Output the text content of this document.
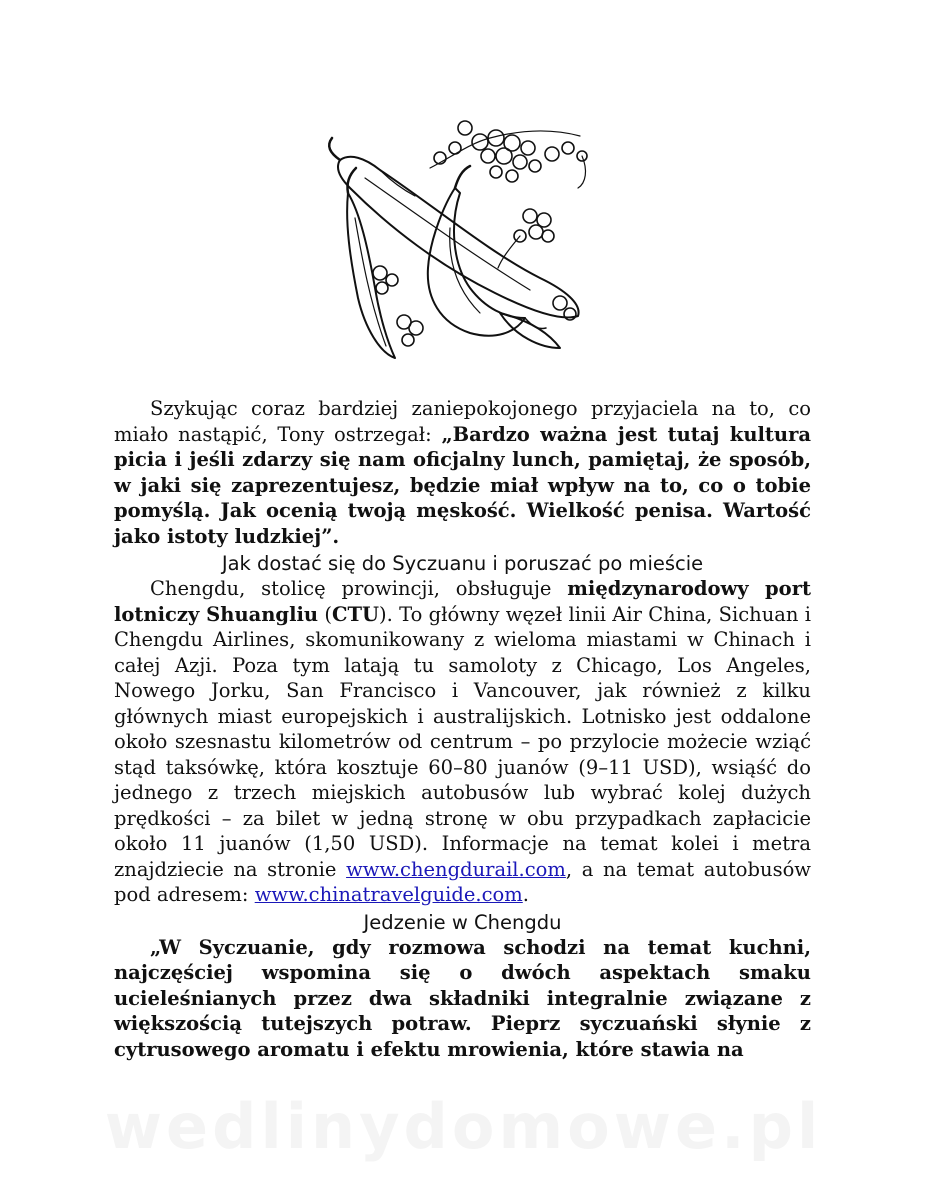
Szykując coraz bardziej zaniepokojonego przyjaciela na to, co miało nastąpić, Tony ostrzegał: „Bardzo ważna jest tutaj kultura picia i jeśli zdarzy się nam oficjalny lunch, pamiętaj, że sposób, w jaki się zaprezentujesz, będzie miał wpływ na to, co o tobie pomyślą. Jak ocenią twoją męskość. Wielkość penisa. Wartość jako istoty ludzkiej”.

Jak dostać się do Syczuanu i poruszać po mieście

Chengdu, stolicę prowincji, obsługuje międzynarodowy port lotniczy Shuangliu (CTU). To główny węzeł linii Air China, Sichuan i Chengdu Airlines, skomunikowany z wieloma miastami w Chinach i całej Azji. Poza tym latają tu samoloty z Chicago, Los Angeles, Nowego Jorku, San Francisco i Vancouver, jak również z kilku głównych miast europejskich i australijskich. Lotnisko jest oddalone około szesnastu kilometrów od centrum – po przylocie możecie wziąć stąd taksówkę, która kosztuje 60–80 juanów (9–11 USD), wsiąść do jednego z trzech miejskich autobusów lub wybrać kolej dużych prędkości – za bilet w jedną stronę w obu przypadkach zapłacicie około 11 juanów (1,50 USD). Informacje na temat kolei i metra znajdziecie na stronie www.chengdurail.com, a na temat autobusów pod adresem: www.chinatravelguide.com.

Jedzenie w Chengdu

„W Syczuanie, gdy rozmowa schodzi na temat kuchni, najczęściej wspomina się o dwóch aspektach smaku ucieleśnianych przez dwa składniki integralnie związane z większością tutejszych potraw. Pieprz syczuański słynie z cytrusowego aromatu i efektu mrowienia, które stawia na

wedlinydomowe.pl
